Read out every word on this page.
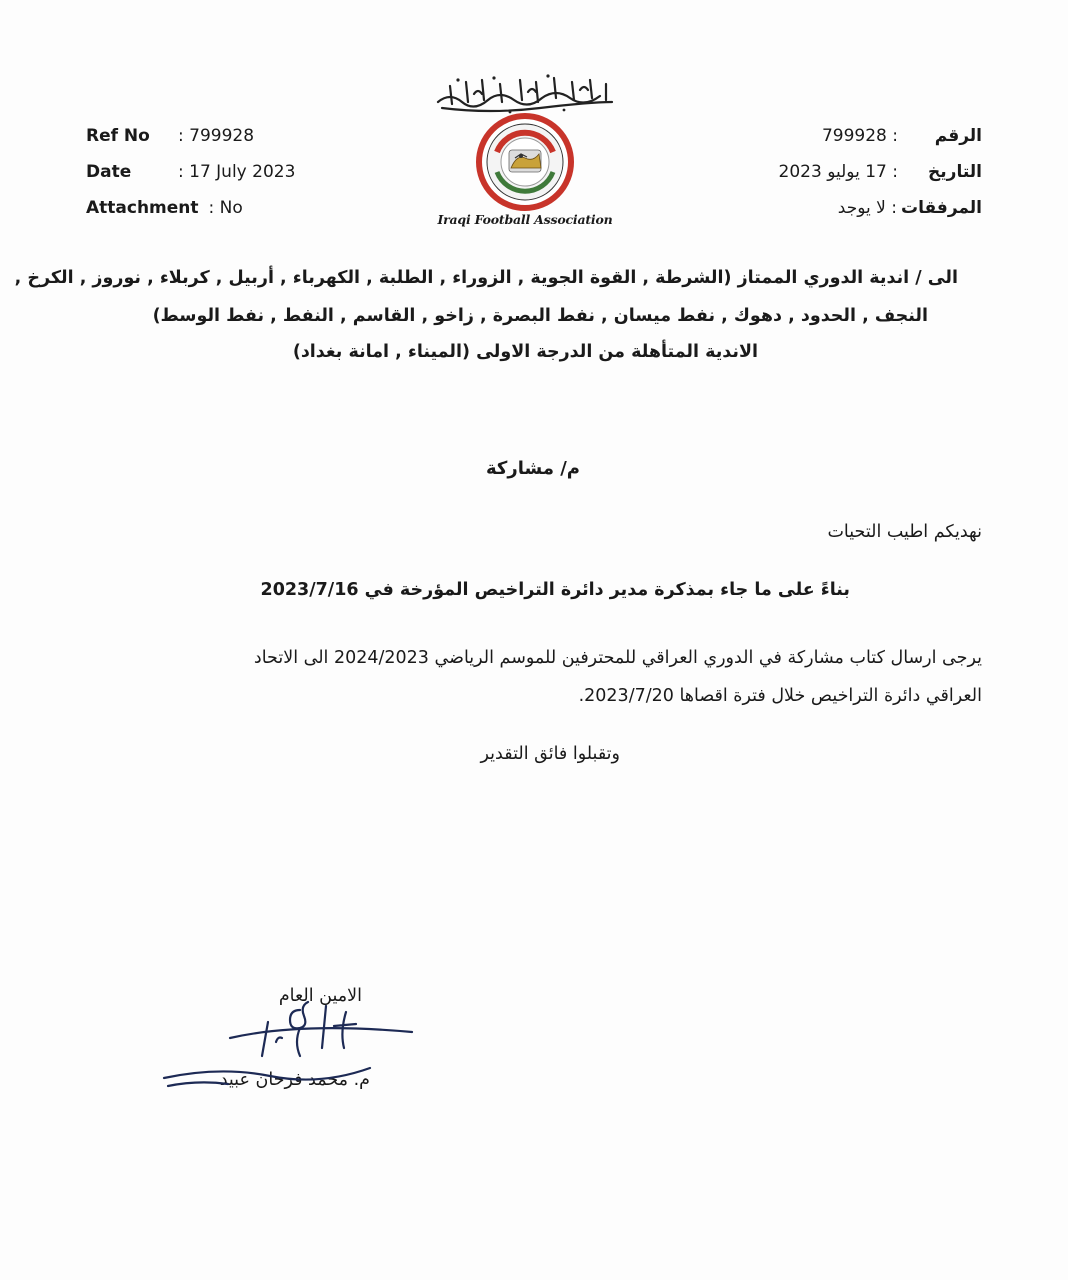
Ref No	: 799928
Date	: 17 July 2023
Attachment : No
Iraqi Football Association
الرقم
: 799928
التاريخ
: 17 يوليو 2023
المرفقات
: لا يوجد
الى / اندية الدوري الممتاز (الشرطة , القوة الجوية , الزوراء , الطلبة , الكهرباء , أربيل , كربلاء , نوروز , الكرخ ,
النجف , الحدود , دهوك , نفط ميسان , نفط البصرة , زاخو , القاسم , النفط , نفط الوسط)
الاندية المتأهلة من الدرجة الاولى (الميناء , امانة بغداد)
م/ مشاركة
نهديكم اطيب التحيات
بناءً على ما جاء بمذكرة مدير دائرة التراخيص المؤرخة في 2023/7/16
يرجى ارسال كتاب مشاركة في الدوري العراقي للمحترفين للموسم الرياضي 2024/2023 الى الاتحاد
العراقي دائرة التراخيص خلال فترة اقصاها 2023/7/20.
وتقبلوا فائق التقدير
الامين العام
م. محمد فرحان عبيد
